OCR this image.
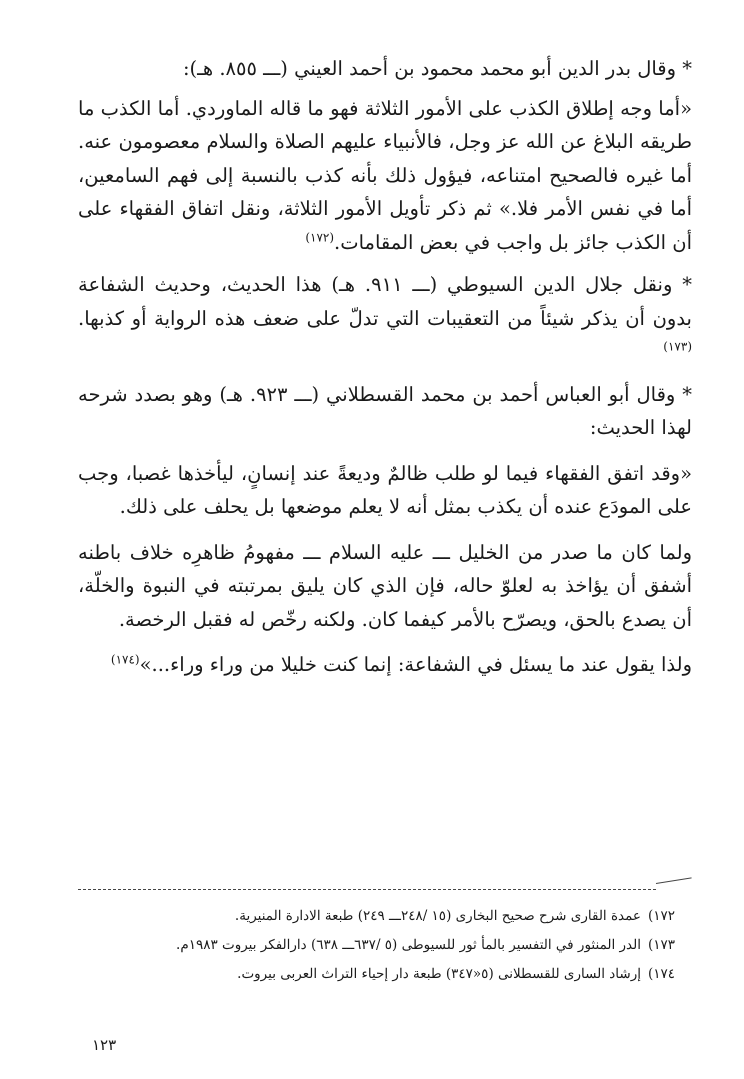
* وقال بدر الدين أبو محمد محمود بن أحمد العيني (ـــ ٨٥٥. هـ):

«أما وجه إطلاق الكذب على الأمور الثلاثة فهو ما قاله الماوردي. أما الكذب ما طريقه البلاغ عن الله عز وجل، فالأنبياء عليهم الصلاة والسلام معصومون عنه. أما غيره فالصحيح امتناعه، فيؤول ذلك بأنه كذب بالنسبة إلى فهم السامعين، أما في نفس الأمر فلا.» ثم ذكر تأويل الأمور الثلاثة، ونقل اتفاق الفقهاء على أن الكذب جائز بل واجب في بعض المقامات.$^{(١٧٢)}$

* ونقل جلال الدين السيوطي (ـــ ٩١١. هـ) هذا الحديث، وحديث الشفاعة بدون أن يذكر شيئاً من التعقيبات التي تدلّ على ضعف هذه الرواية أو كذبها.$^{(١٧٣)}$

* وقال أبو العباس أحمد بن محمد القسطلاني (ـــ ٩٢٣. هـ) وهو بصدد شرحه لهذا الحديث:

«وقد اتفق الفقهاء فيما لو طلب ظالمٌ وديعةً عند إنسانٍ، ليأخذها غصبا، وجب على المودَع عنده أن يكذب بمثل أنه لا يعلم موضعها بل يحلف على ذلك.

ولما كان ما صدر من الخليل ـــ عليه السلام ـــ مفهومُ ظاهرِه خلاف باطنه أشفق أن يؤاخذ به لعلوّ حاله، فإن الذي كان يليق بمرتبته في النبوة والخلّة، أن يصدع بالحق، ويصرّح بالأمر كيفما كان. ولكنه رخّص له فقبل الرخصة.

ولذا يقول عند ما يسئل في الشفاعة: إنما كنت خليلا من وراء وراء...»$^{(١٧٤)}$

١٧٢)عمدة القارى شرح صحيح البخارى (١٥ /٢٤٨ـــ ٢٤٩) طبعة الادارة المنيرية.

١٧٣)الدر المنثور في التفسير بالمأ ثور للسيوطى (٥ /٦٣٧ـــ ٦٣٨) دارالفكر بيروت ١٩٨٣م.

١٧٤)إرشاد السارى للقسطلانى (٥«٣٤٧) طبعة دار إحياء التراث العربى بيروت.

١٢٣
